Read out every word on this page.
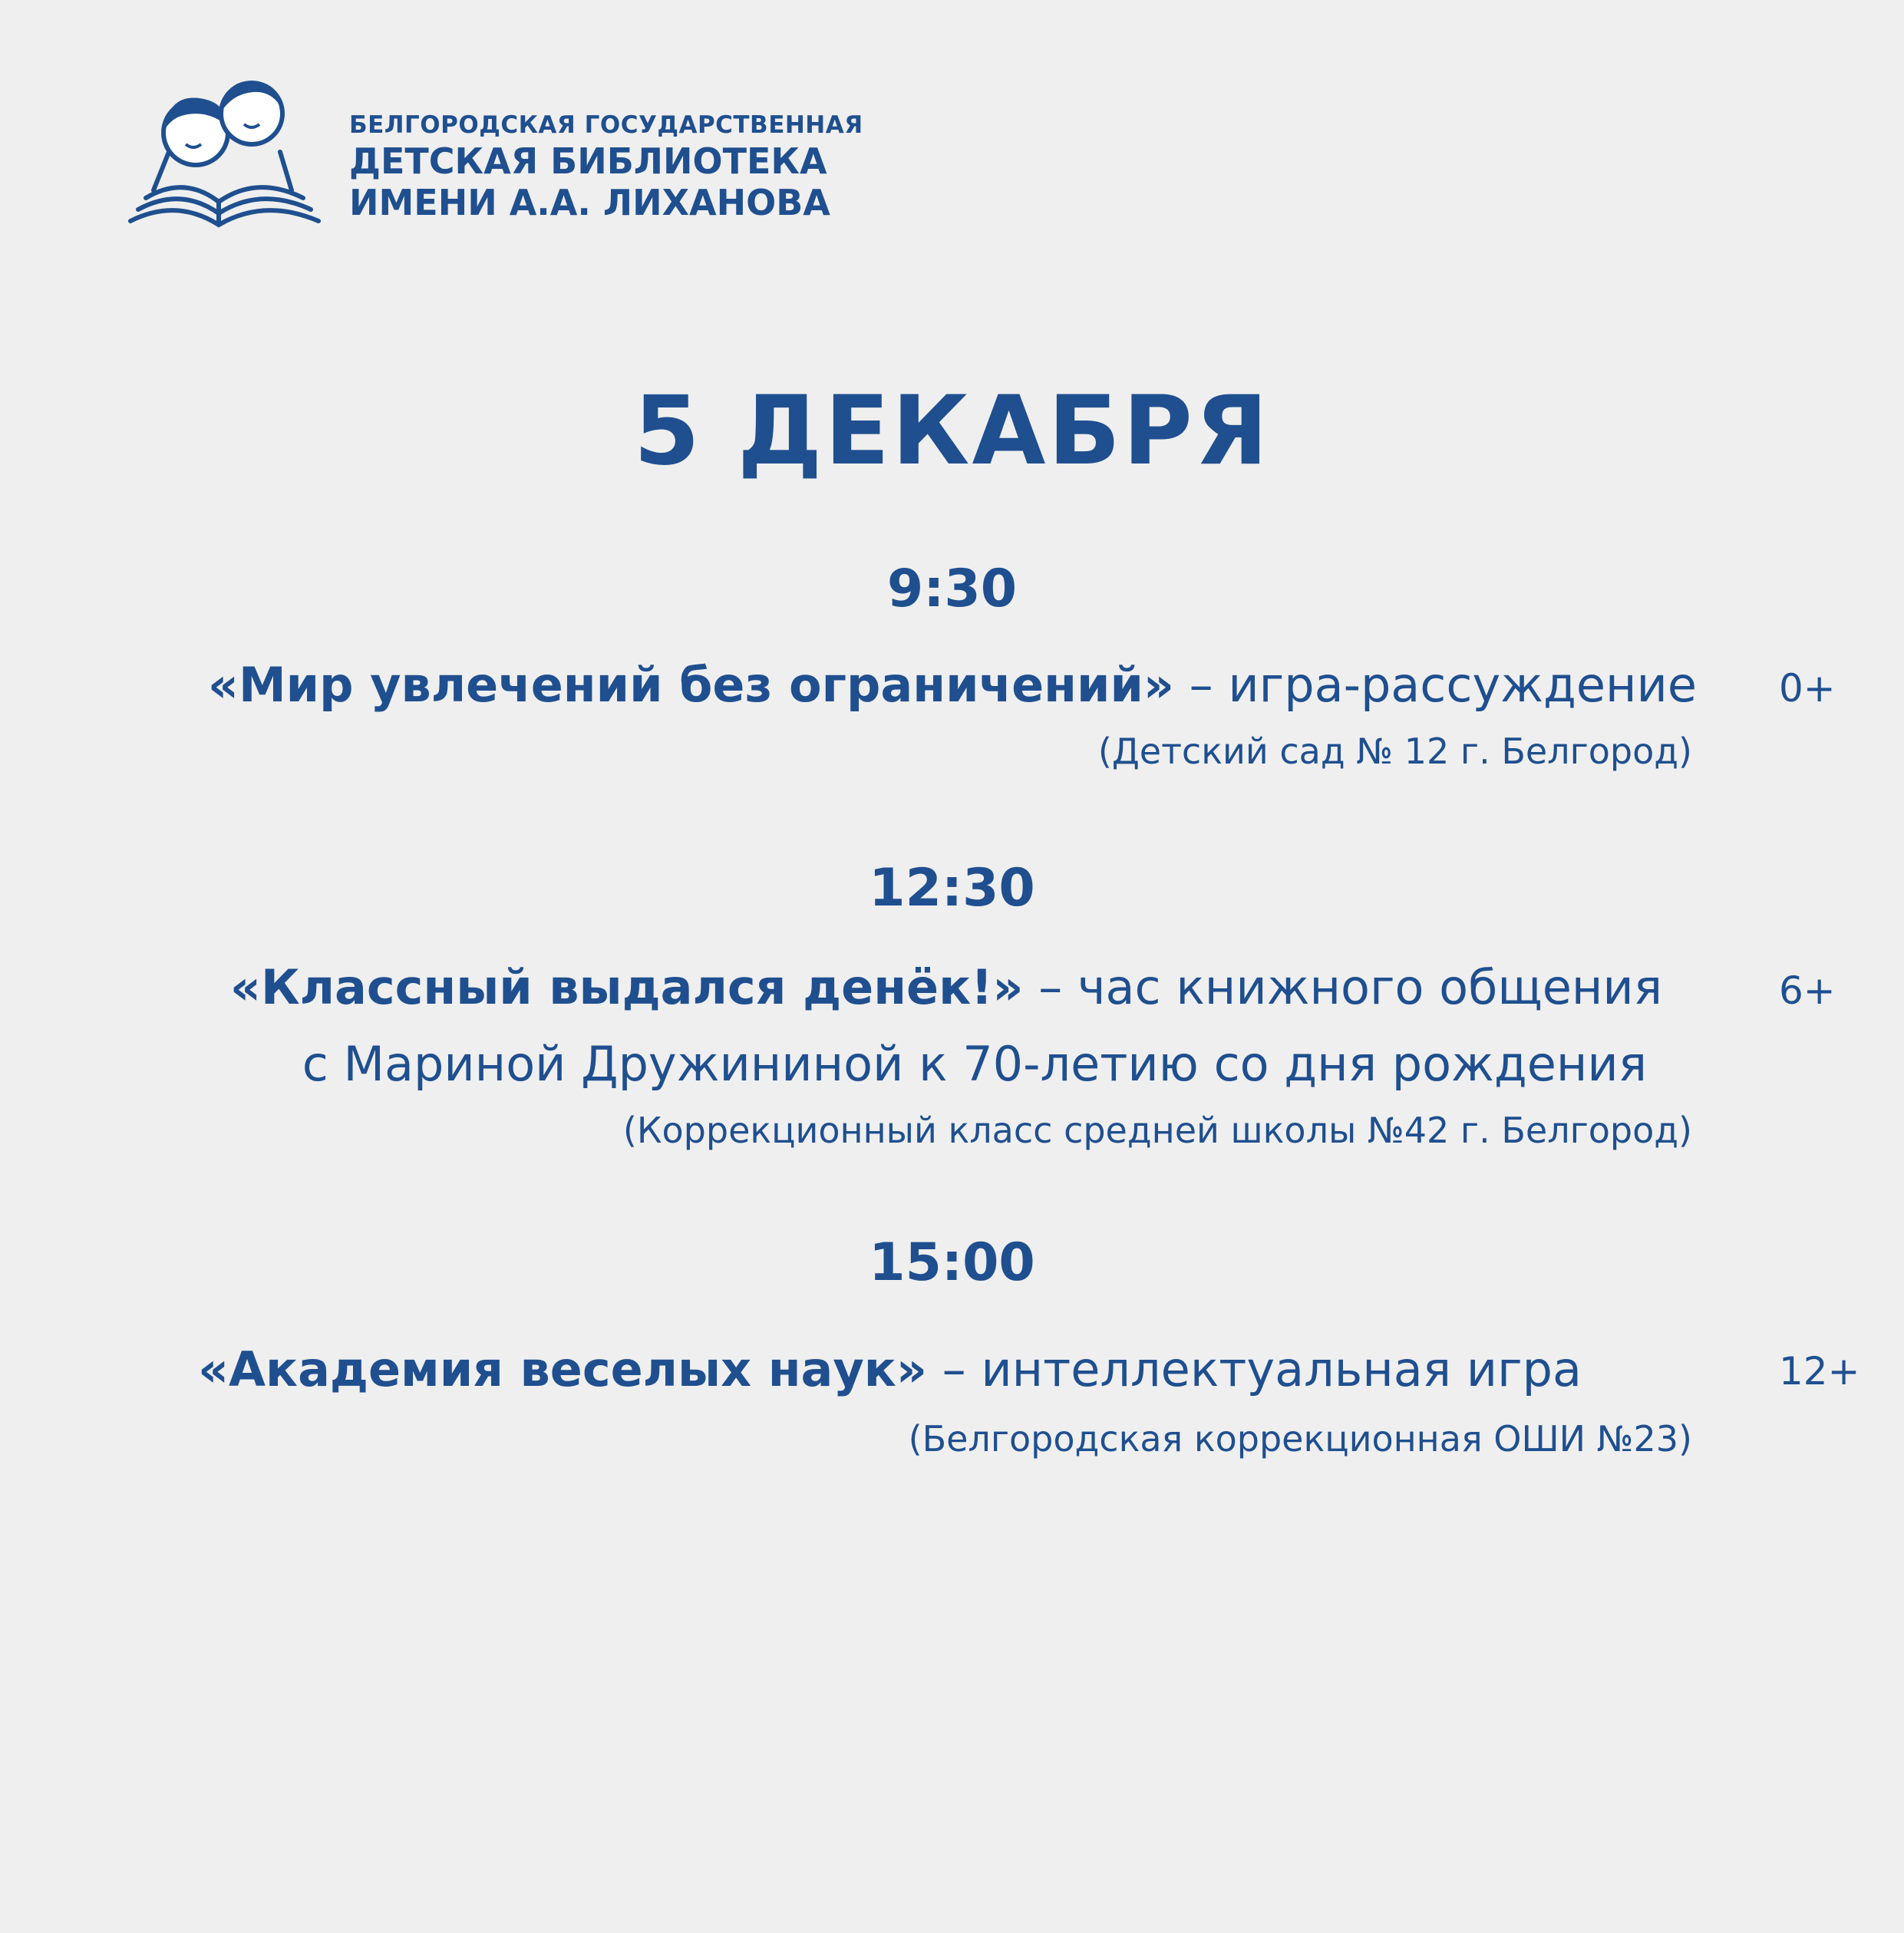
БЕЛГОРОДСКАЯ ГОСУДАРСТВЕННАЯ
ДЕТСКАЯ БИБЛИОТЕКА
ИМЕНИ А.А. ЛИХАНОВА
5 ДЕКАБРЯ
9:30
«Мир увлечений без ограничений» – игра-рассуждение 0+
(Детский сад № 12 г. Белгород)
12:30
«Классный выдался денёк!» – час книжного общения	6+
с Мариной Дружининой к 70-летию со дня рождения
(Коррекционный класс средней школы №42 г. Белгород)
15:00
«Академия веселых наук» – интеллектуальная игра	12+
(Белгородская коррекционная ОШИ №23)
